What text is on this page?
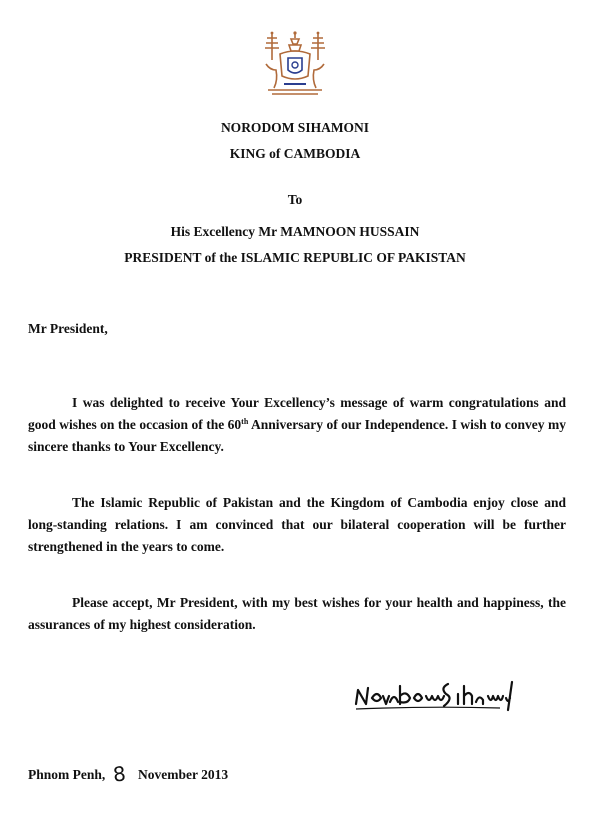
NORODOM SIHAMONI
KING of CAMBODIA
To
His Excellency Mr MAMNOON HUSSAIN
PRESIDENT of the ISLAMIC REPUBLIC OF PAKISTAN
Mr President,

I was delighted to receive Your Excellency’s message of warm congratulations and good wishes on the occasion of the 60th Anniversary of our Independence. I wish to convey my sincere thanks to Your Excellency.

The Islamic Republic of Pakistan and the Kingdom of Cambodia enjoy close and long-standing relations. I am convinced that our bilateral cooperation will be further strengthened in the years to come.

Please accept, Mr President, with my best wishes for your health and happiness, the assurances of my highest consideration.

Phnom Penh, 8 November 2013
